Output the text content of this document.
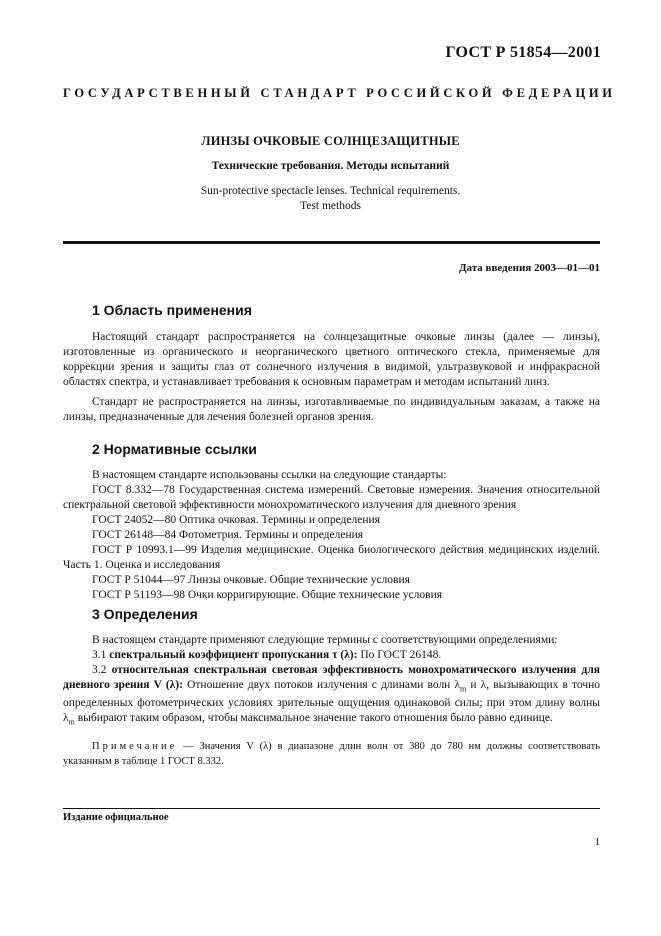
ГОСТ Р 51854—2001
ГОСУДАРСТВЕННЫЙ СТАНДАРТ РОССИЙСКОЙ ФЕДЕРАЦИИ
ЛИНЗЫ ОЧКОВЫЕ СОЛНЦЕЗАЩИТНЫЕ
Технические требования. Методы испытаний
Sun-protective spectacle lenses. Technical requirements.
Test methods
Дата введения 2003—01—01
1 Область применения
Настоящий стандарт распространяется на солнцезащитные очковые линзы (далее — линзы), изготовленные из органического и неорганического цветного оптического стекла, применяемые для коррекции зрения и защиты глаз от солнечного излучения в видимой, ультразвуковой и инфракрасной областях спектра, и устанавливает требования к основным параметрам и методам испытаний линз.
Стандарт не распространяется на линзы, изготавливаемые по индивидуальным заказам, а также на линзы, предназначенные для лечения болезней органов зрения.
2 Нормативные ссылки
В настоящем стандарте использованы ссылки на следующие стандарты:
ГОСТ 8.332—78 Государственная система измерений. Световые измерения. Значения относительной спектральной световой эффективности монохроматического излучения для дневного зрения
ГОСТ 24052—80 Оптика очковая. Термины и определения
ГОСТ 26148—84 Фотометрия. Термины и определения
ГОСТ Р 10993.1—99 Изделия медицинские. Оценка биологического действия медицинских изделий. Часть 1. Оценка и исследования
ГОСТ Р 51044—97 Линзы очковые. Общие технические условия
ГОСТ Р 51193—98 Очки корригирующие. Общие технические условия
3 Определения
В настоящем стандарте применяют следующие термины с соответствующими определениями:
3.1 спектральный коэффициент пропускания τ (λ): По ГОСТ 26148.
3.2 относительная спектральная световая эффективность монохроматического излучения для дневного зрения V (λ): Отношение двух потоков излучения с длинами волн $\lambda_m$ и λ, вызывающих в точно определенных фотометрических условиях зрительные ощущения одинаковой силы; при этом длину волны $\lambda_m$ выбирают таким образом, чтобы максимальное значение такого отношения было равно единице.
Примечание — Значения V (λ) в диапазоне длин волн от 380 до 780 нм должны соответствовать указанным в таблице 1 ГОСТ 8.332.
Издание официальное
1
